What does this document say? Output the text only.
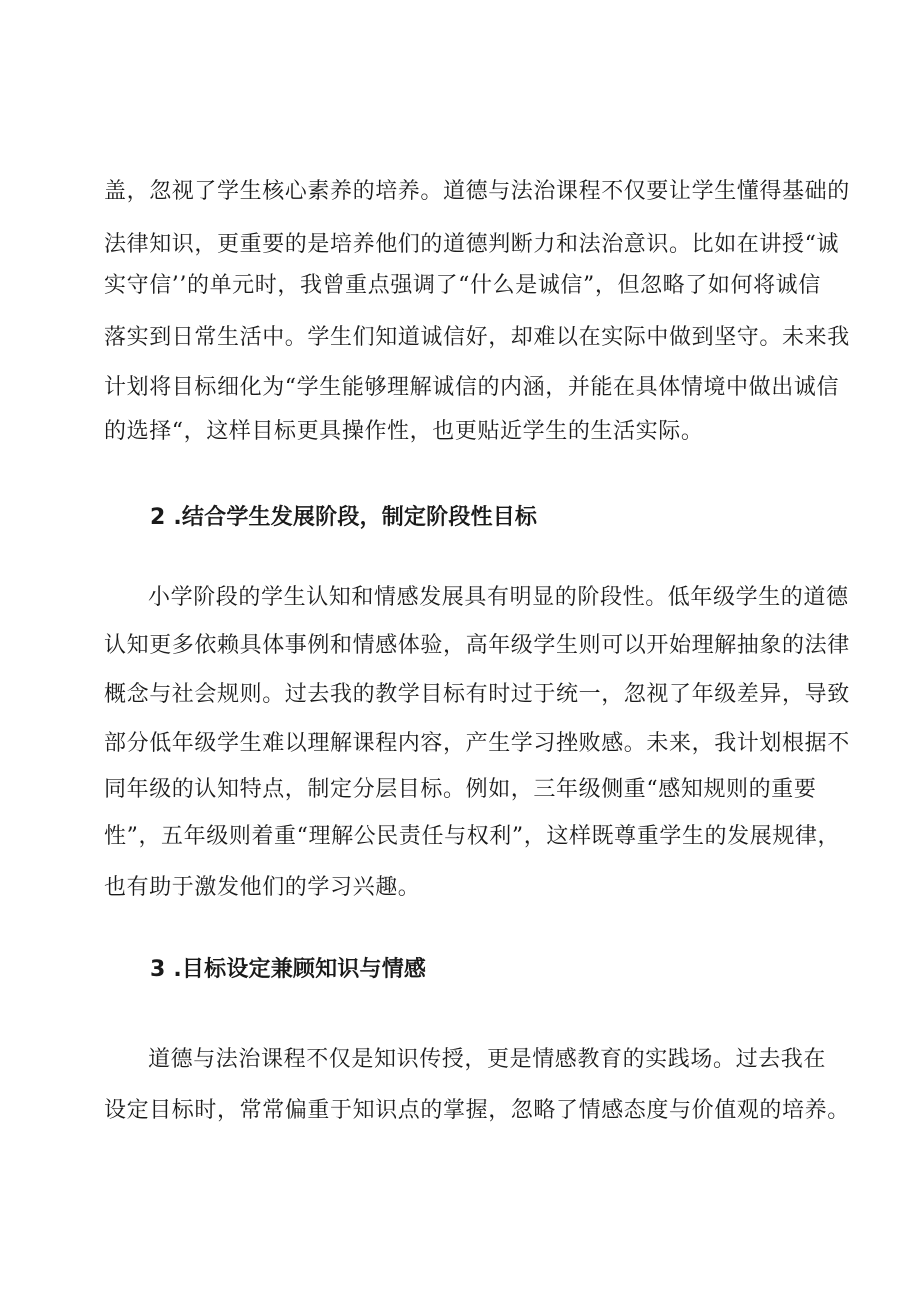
盖，忽视了学生核心素养的培养。道德与法治课程不仅要让学生懂得基础的

法律知识，更重要的是培养他们的道德判断力和法治意识。比如在讲授“诚

实守信’’的单元时，我曾重点强调了“什么是诚信”，但忽略了如何将诚信

落实到日常生活中。学生们知道诚信好，却难以在实际中做到坚守。未来我

计划将目标细化为“学生能够理解诚信的内涵，并能在具体情境中做出诚信

的选择“，这样目标更具操作性，也更贴近学生的生活实际。

2 .结合学生发展阶段，制定阶段性目标

小学阶段的学生认知和情感发展具有明显的阶段性。低年级学生的道德

认知更多依赖具体事例和情感体验，高年级学生则可以开始理解抽象的法律

概念与社会规则。过去我的教学目标有时过于统一，忽视了年级差异，导致

部分低年级学生难以理解课程内容，产生学习挫败感。未来，我计划根据不

同年级的认知特点，制定分层目标。例如，三年级侧重“感知规则的重要

性”，五年级则着重“理解公民责任与权利”，这样既尊重学生的发展规律，

也有助于激发他们的学习兴趣。

3 .目标设定兼顾知识与情感

道德与法治课程不仅是知识传授，更是情感教育的实践场。过去我在

设定目标时，常常偏重于知识点的掌握，忽略了情感态度与价值观的培养。
